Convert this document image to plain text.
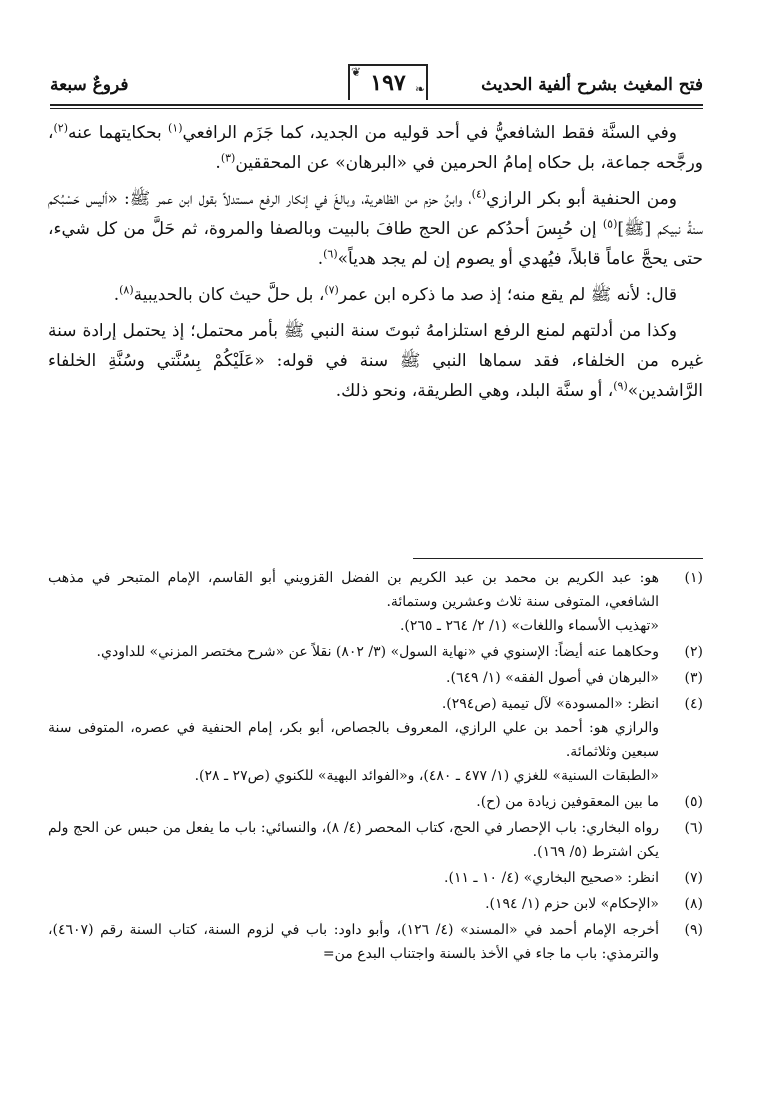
فتح المغيث بشرح ألفية الحديث
❦ ١٩٧ ❧
فروعٌ سبعة

وفي السنَّة فقط الشافعيُّ في أحد قوليه من الجديد، كما جَزَم الرافعي$^{(١)}$ بحكايتهما عنه$^{(٢)}$، ورجَّحه جماعة، بل حكاه إمامُ الحرمين في «البرهان» عن المحققين$^{(٣)}$.

ومن الحنفية أبو بكر الرازي$^{(٤)}$، وابنُ حزم من الظاهرية، وبالغَ في إنكار الرفع مستدلاً بقول ابن عمر ﷺ: «أليس حَسْبُكم سنةُ نبيكم [ﷺ]$^{(٥)}$ إن حُبِسَ أحدُكم عن الحج طافَ بالبيت وبالصفا والمروة، ثم حَلَّ من كل شيء، حتى يحجَّ عاماً قابلاً، فيُهدي أو يصوم إن لم يجد هدياً»$^{(٦)}$.

قال: لأنه ﷺ لم يقع منه؛ إذ صد ما ذكره ابن عمر$^{(٧)}$، بل حلَّ حيث كان بالحديبية$^{(٨)}$.

وكذا من أدلتهم لمنع الرفع استلزامهُ ثبوتَ سنة النبي ﷺ بأمر محتمل؛ إذ يحتمل إرادة سنة غيره من الخلفاء، فقد سماها النبي ﷺ سنة في قوله: «عَلَيْكُمْ بِسُنَّتي وسُنَّةِ الخلفاء الرَّاشدين»$^{(٩)}$، أو سنَّة البلد، وهي الطريقة، ونحو ذلك.

(١)

هو: عبد الكريم بن محمد بن عبد الكريم بن الفضل القزويني أبو القاسم، الإمام المتبحر في مذهب الشافعي، المتوفى سنة ثلاث وعشرين وستمائة.

«تهذيب الأسماء واللغات» (١/ ٢/ ٢٦٤ ـ ٢٦٥).

(٢)

وحكاهما عنه أيضاً: الإسنوي في «نهاية السول» (٣/ ٨٠٢) نقلاً عن «شرح مختصر المزني» للداودي.

(٣)

«البرهان في أصول الفقه» (١/ ٦٤٩).

(٤)

انظر: «المسودة» لآل تيمية (ص٢٩٤).

والرازي هو: أحمد بن علي الرازي، المعروف بالجصاص، أبو بكر، إمام الحنفية في عصره، المتوفى سنة سبعين وثلاثمائة.

«الطبقات السنية» للغزي (١/ ٤٧٧ ـ ٤٨٠)، و«الفوائد البهية» للكنوي (ص٢٧ ـ ٢٨).

(٥)

ما بين المعقوفين زيادة من (ح).

(٦)

رواه البخاري: باب الإحصار في الحج، كتاب المحصر (٤/ ٨)، والنسائي: باب ما يفعل من حبس عن الحج ولم يكن اشترط (٥/ ١٦٩).

(٧)

انظر: «صحيح البخاري» (٤/ ١٠ ـ ١١).

(٨)

«الإحكام» لابن حزم (١/ ١٩٤).

(٩)

أخرجه الإمام أحمد في «المسند» (٤/ ١٢٦)، وأبو داود: باب في لزوم السنة، كتاب السنة رقم (٤٦٠٧)، والترمذي: باب ما جاء في الأخذ بالسنة واجتناب البدع من=
